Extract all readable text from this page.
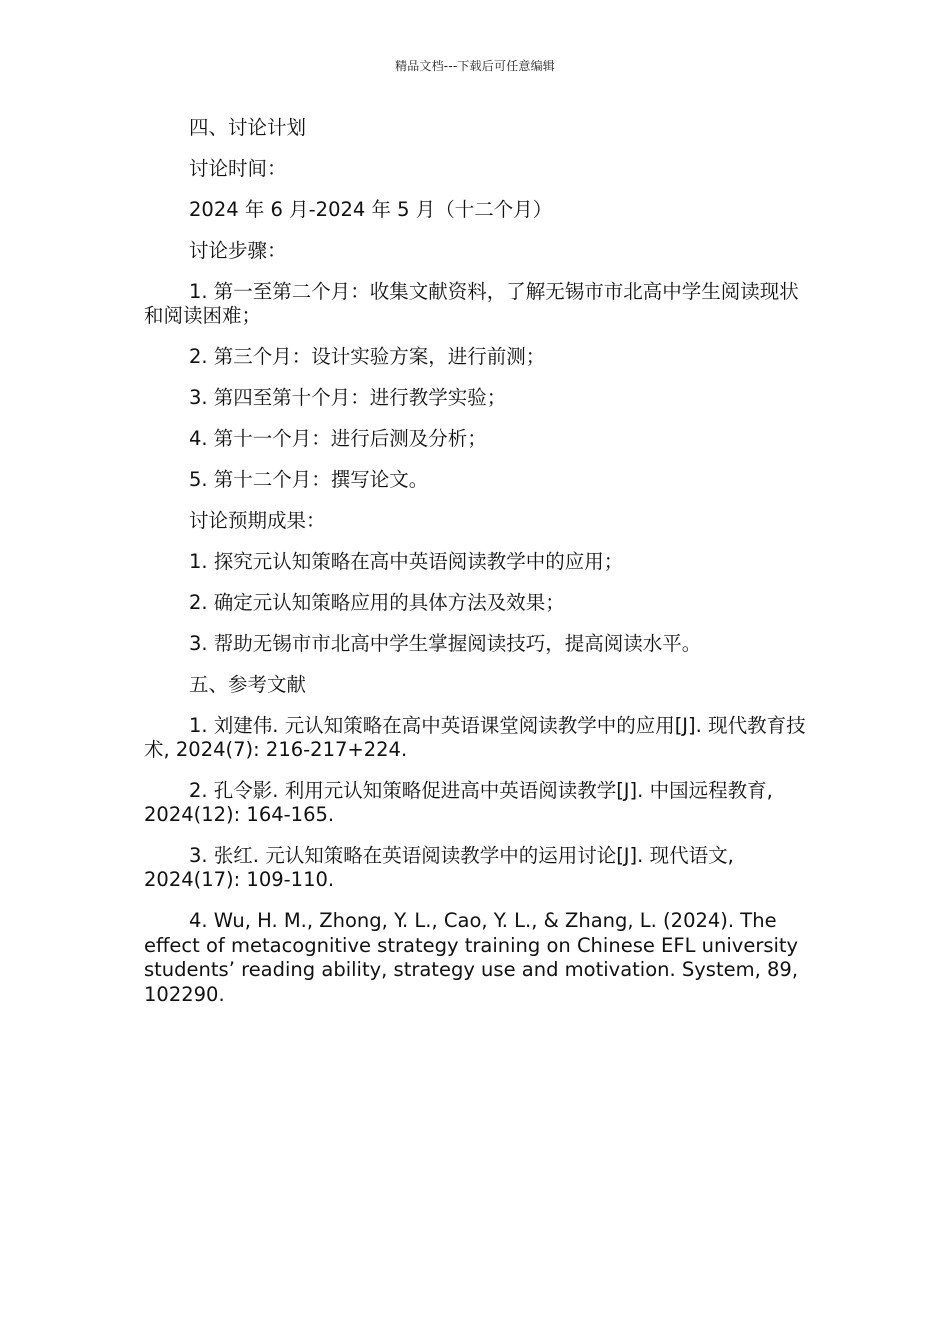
精品文档---下载后可任意编辑

四、讨论计划

讨论时间：

2024 年 6 月-2024 年 5 月（十二个月）

讨论步骤：

1. 第一至第二个月：收集文献资料，了解无锡市市北高中学生阅读现状和阅读困难；

2. 第三个月：设计实验方案，进行前测；

3. 第四至第十个月：进行教学实验；

4. 第十一个月：进行后测及分析；

5. 第十二个月：撰写论文。

讨论预期成果：

1. 探究元认知策略在高中英语阅读教学中的应用；

2. 确定元认知策略应用的具体方法及效果；

3. 帮助无锡市市北高中学生掌握阅读技巧，提高阅读水平。

五、参考文献

1. 刘建伟. 元认知策略在高中英语课堂阅读教学中的应用[J]. 现代教育技术, 2024(7): 216-217+224.

2. 孔令影. 利用元认知策略促进高中英语阅读教学[J]. 中国远程教育, 2024(12): 164-165.

3. 张红. 元认知策略在英语阅读教学中的运用讨论[J]. 现代语文, 2024(17): 109-110.

4. Wu, H. M., Zhong, Y. L., Cao, Y. L., & Zhang, L. (2024). The effect of metacognitive strategy training on Chinese EFL university students’ reading ability, strategy use and motivation. System, 89, 102290.
